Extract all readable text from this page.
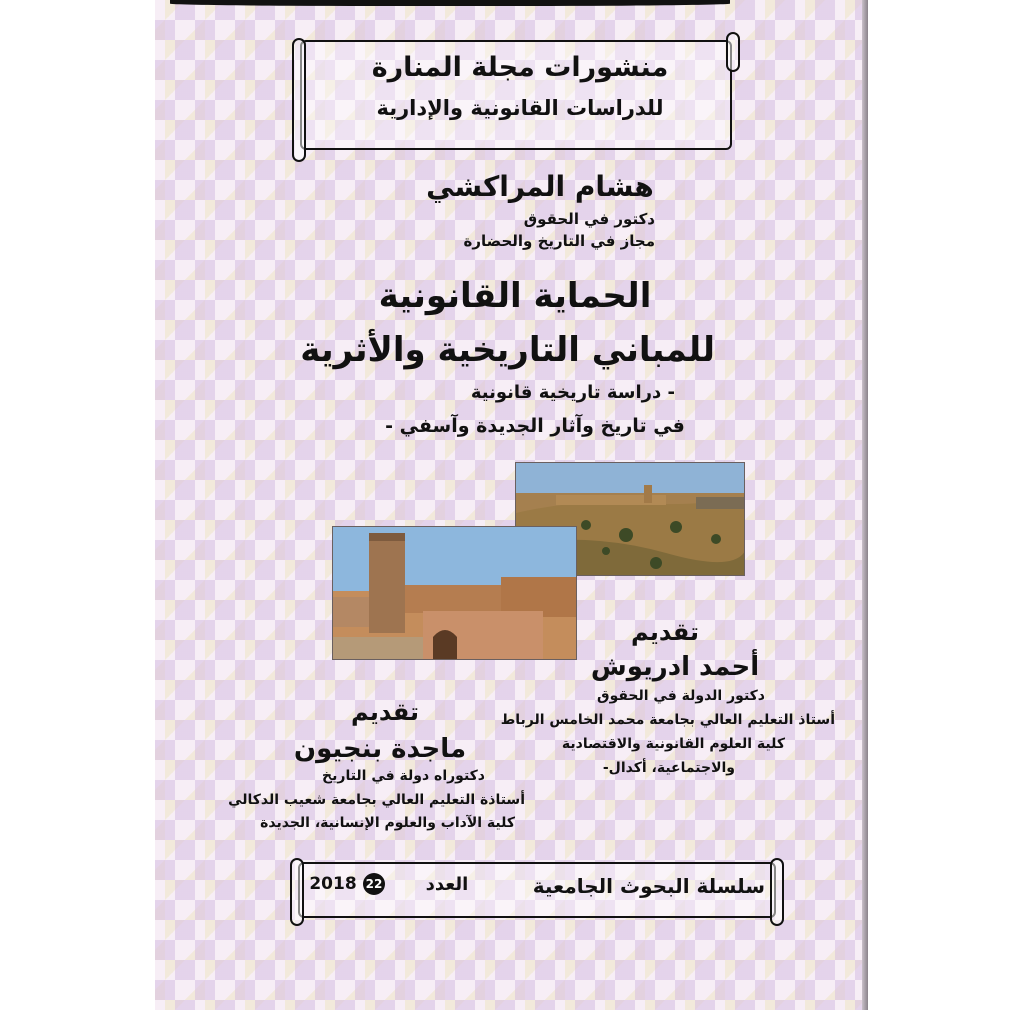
منشورات مجلة المنارة
للدراسات القانونية والإدارية
هشام المراكشي
دكتور في الحقوق
مجاز في التاريخ والحضارة
الحماية القانونية
للمباني التاريخية والأثرية
- دراسة تاريخية قانونية
في تاريخ وآثار الجديدة وآسفي -
تقديم
أحمد ادريوش
دكتور الدولة في الحقوق
أستاذ التعليم العالي بجامعة محمد الخامس الرباط
كلية العلوم القانونية والاقتصادية
والاجتماعية، أكدال-
تقديم
ماجدة بنجيون
دكتوراه دولة في التاريخ
أستاذة التعليم العالي بجامعة شعيب الدكالي
كلية الآداب والعلوم الإنسانية، الجديدة
سلسلة البحوث الجامعية
العدد
22
2018
